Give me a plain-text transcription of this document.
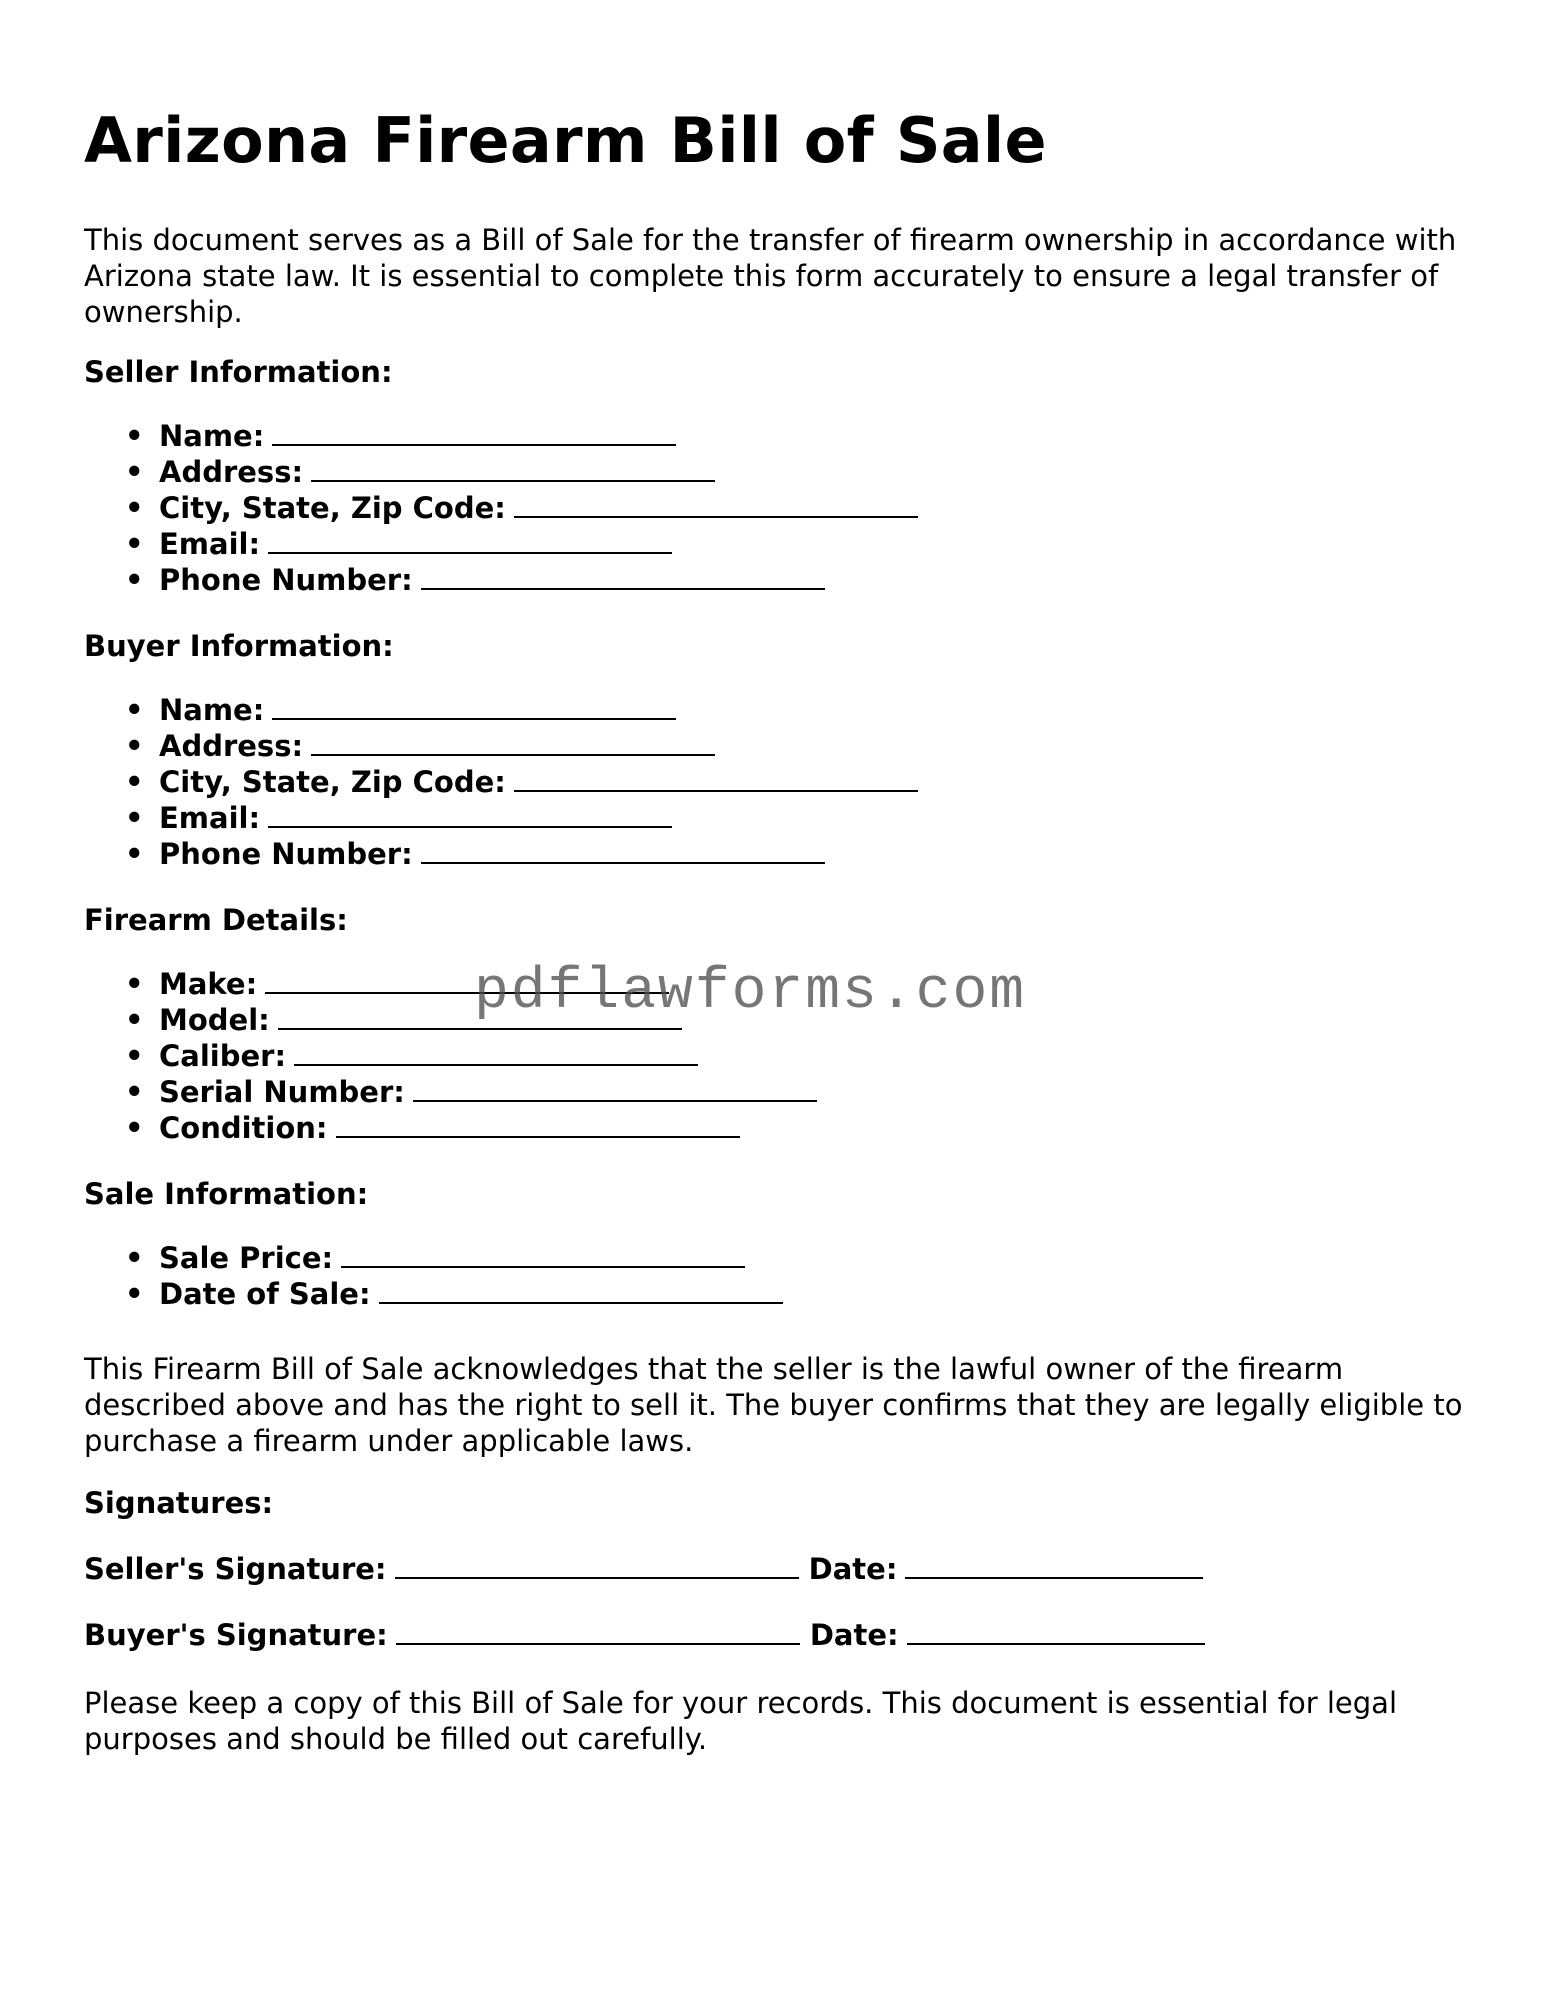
Arizona Firearm Bill of Sale

This document serves as a Bill of Sale for the transfer of firearm ownership in accordance with Arizona state law. It is essential to complete this form accurately to ensure a legal transfer of ownership.

Seller Information:
• Name:
• Address:
• City, State, Zip Code:
• Email:
• Phone Number:
Buyer Information:
• Name:
• Address:
• City, State, Zip Code:
• Email:
• Phone Number:
Firearm Details:
• Make:
• Model:
• Caliber:
• Serial Number:
• Condition:
Sale Information:
• Sale Price:
• Date of Sale:

This Firearm Bill of Sale acknowledges that the seller is the lawful owner of the firearm described above and has the right to sell it. The buyer confirms that they are legally eligible to purchase a firearm under applicable laws.

Signatures:
Seller's Signature:	Date:
Buyer's Signature:	Date:

Please keep a copy of this Bill of Sale for your records. This document is essential for legal purposes and should be filled out carefully.

pdflawforms.com
